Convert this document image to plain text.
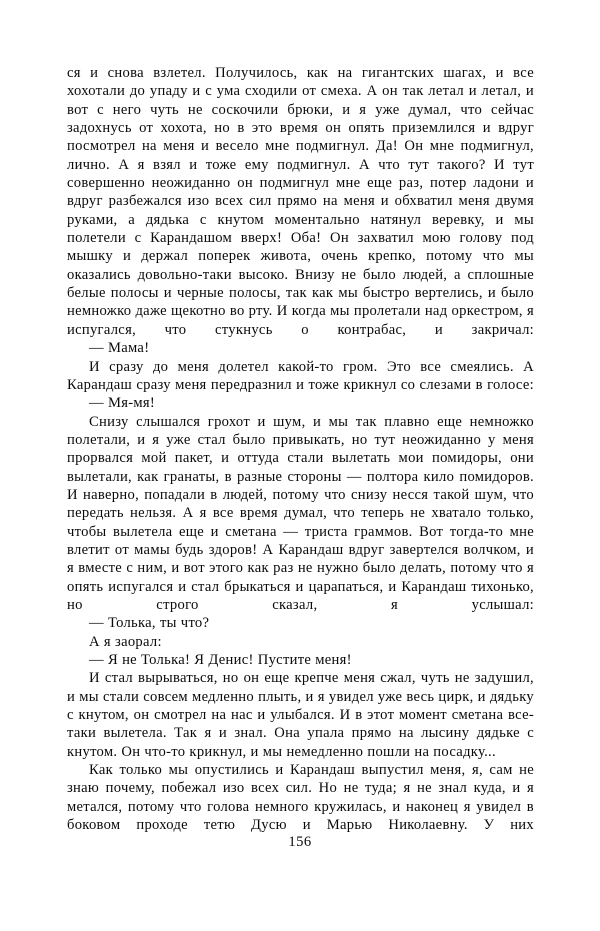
ся и снова взлетел. Получилось, как на гигантских шагах, и все хохотали до упаду и с ума сходили от смеха. А он так летал и летал, и вот с него чуть не соскочили брюки, и я уже думал, что сейчас задохнусь от хохота, но в это время он опять приземлился и вдруг посмотрел на меня и весело мне подмигнул. Да! Он мне подмигнул, лично. А я взял и тоже ему подмигнул. А что тут такого? И тут совершенно неожиданно он подмигнул мне еще раз, потер ладони и вдруг разбежался изо всех сил прямо на меня и обхватил меня двумя руками, а дядька с кнутом моментально натянул веревку, и мы полетели с Карандашом вверх! Оба! Он захватил мою голову под мышку и держал поперек живота, очень крепко, потому что мы оказались довольно-таки высоко. Внизу не было людей, а сплошные белые полосы и черные полосы, так как мы быстро вертелись, и было немножко даже щекотно во рту. И когда мы пролетали над оркестром, я испугался, что стукнусь о контрабас, и закричал:

— Мама!

И сразу до меня долетел какой-то гром. Это все смеялись. А Карандаш сразу меня передразнил и тоже крикнул со слезами в голосе:

— Мя-мя!

Снизу слышался грохот и шум, и мы так плавно еще немножко полетали, и я уже стал было привыкать, но тут неожиданно у меня прорвался мой пакет, и оттуда стали вылетать мои помидоры, они вылетали, как гранаты, в разные стороны — полтора кило помидоров. И наверно, попадали в людей, потому что снизу несся такой шум, что передать нельзя. А я все время думал, что теперь не хватало только, чтобы вылетела еще и сметана — триста граммов. Вот тогда-то мне влетит от мамы будь здоров! А Карандаш вдруг завертелся волчком, и я вместе с ним, и вот этого как раз не нужно было делать, потому что я опять испугался и стал брыкаться и царапаться, и Карандаш тихонько, но строго сказал, я услышал:

— Толька, ты что?

А я заорал:

— Я не Толька! Я Денис! Пустите меня!

И стал вырываться, но он еще крепче меня сжал, чуть не задушил, и мы стали совсем медленно плыть, и я увидел уже весь цирк, и дядьку с кнутом, он смотрел на нас и улыбался. И в этот момент сметана все-таки вылетела. Так я и знал. Она упала прямо на лысину дядьке с кнутом. Он что-то крикнул, и мы немедленно пошли на посадку...

Как только мы опустились и Карандаш выпустил меня, я, сам не знаю почему, побежал изо всех сил. Но не туда; я не знал куда, и я метался, потому что голова немного кружилась, и наконец я увидел в боковом проходе тетю Дусю и Марью Николаевну. У них

156
